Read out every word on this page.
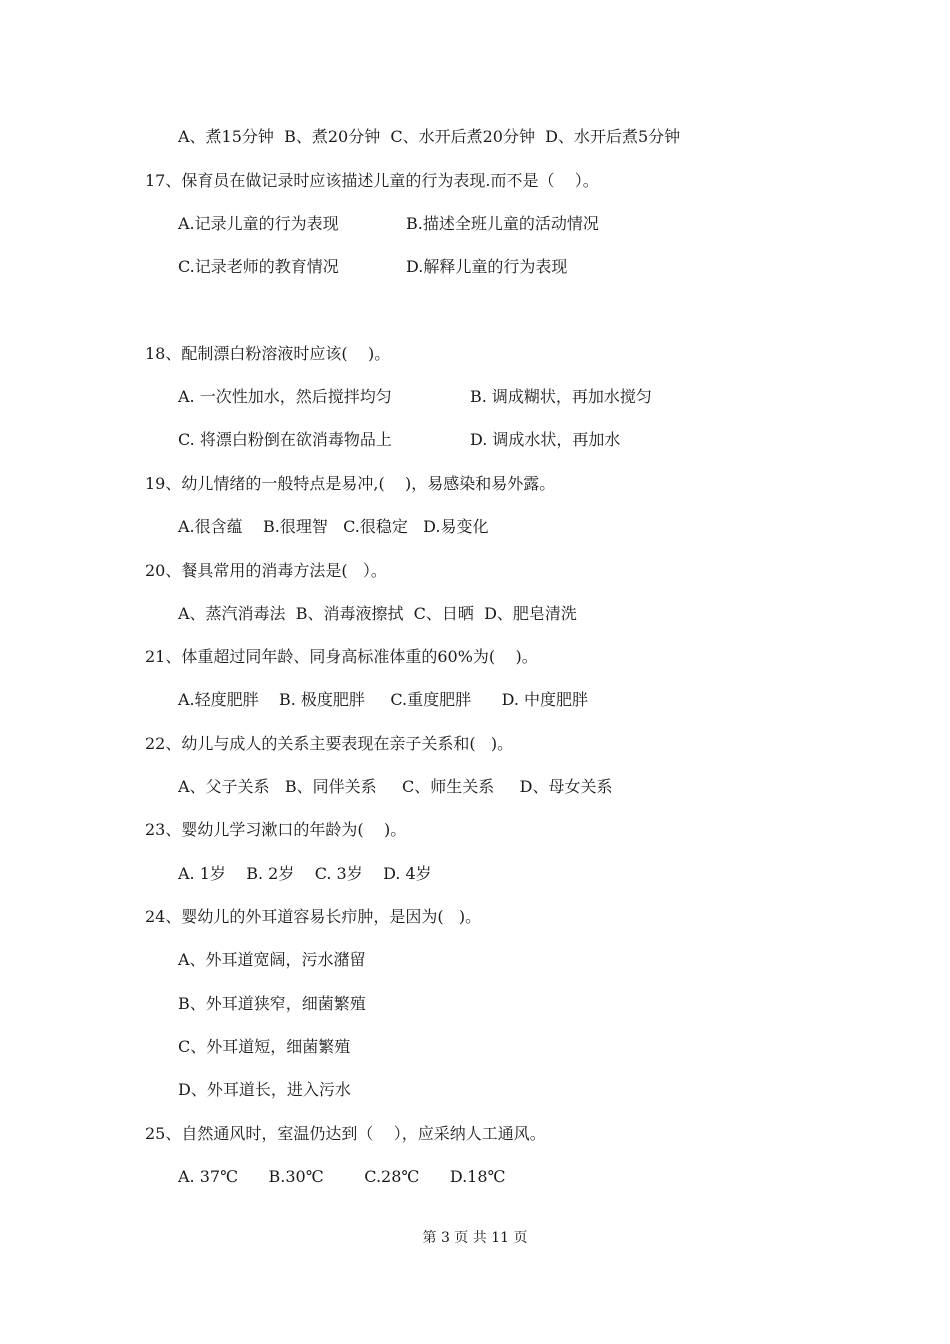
A、煮15分钟  B、煮20分钟  C、水开后煮20分钟  D、水开后煮5分钟
17、保育员在做记录时应该描述儿童的行为表现.而不是（    ）。
A.记录儿童的行为表现	B.描述全班儿童的活动情况
C.记录老师的教育情况	D.解释儿童的行为表现
18、配制漂白粉溶液时应该(    )。
A. 一次性加水，然后搅拌均匀	B. 调成糊状，再加水搅匀
C. 将漂白粉倒在欲消毒物品上	D. 调成水状，再加水
19、幼儿情绪的一般特点是易冲,(    )，易感染和易外露。
A.很含蕴    B.很理智   C.很稳定   D.易变化
20、餐具常用的消毒方法是(   ）。
A、蒸汽消毒法  B、消毒液擦拭  C、日晒  D、肥皂清洗
21、体重超过同年龄、同身高标准体重的60%为(    )。
A.轻度肥胖    B. 极度肥胖     C.重度肥胖      D. 中度肥胖
22、幼儿与成人的关系主要表现在亲子关系和(   )。
A、父子关系   B、同伴关系     C、师生关系     D、母女关系
23、婴幼儿学习漱口的年龄为(    )。
A. 1岁    B. 2岁    C. 3岁    D. 4岁
24、婴幼儿的外耳道容易长疖肿，是因为(   )。
A、外耳道宽阔，污水潴留
B、外耳道狭窄，细菌繁殖
C、外耳道短，细菌繁殖
D、外耳道长，进入污水
25、自然通风时，室温仍达到（    ），应采纳人工通风。
A. 37℃      B.30℃        C.28℃      D.18℃
第 3 页 共 11 页
